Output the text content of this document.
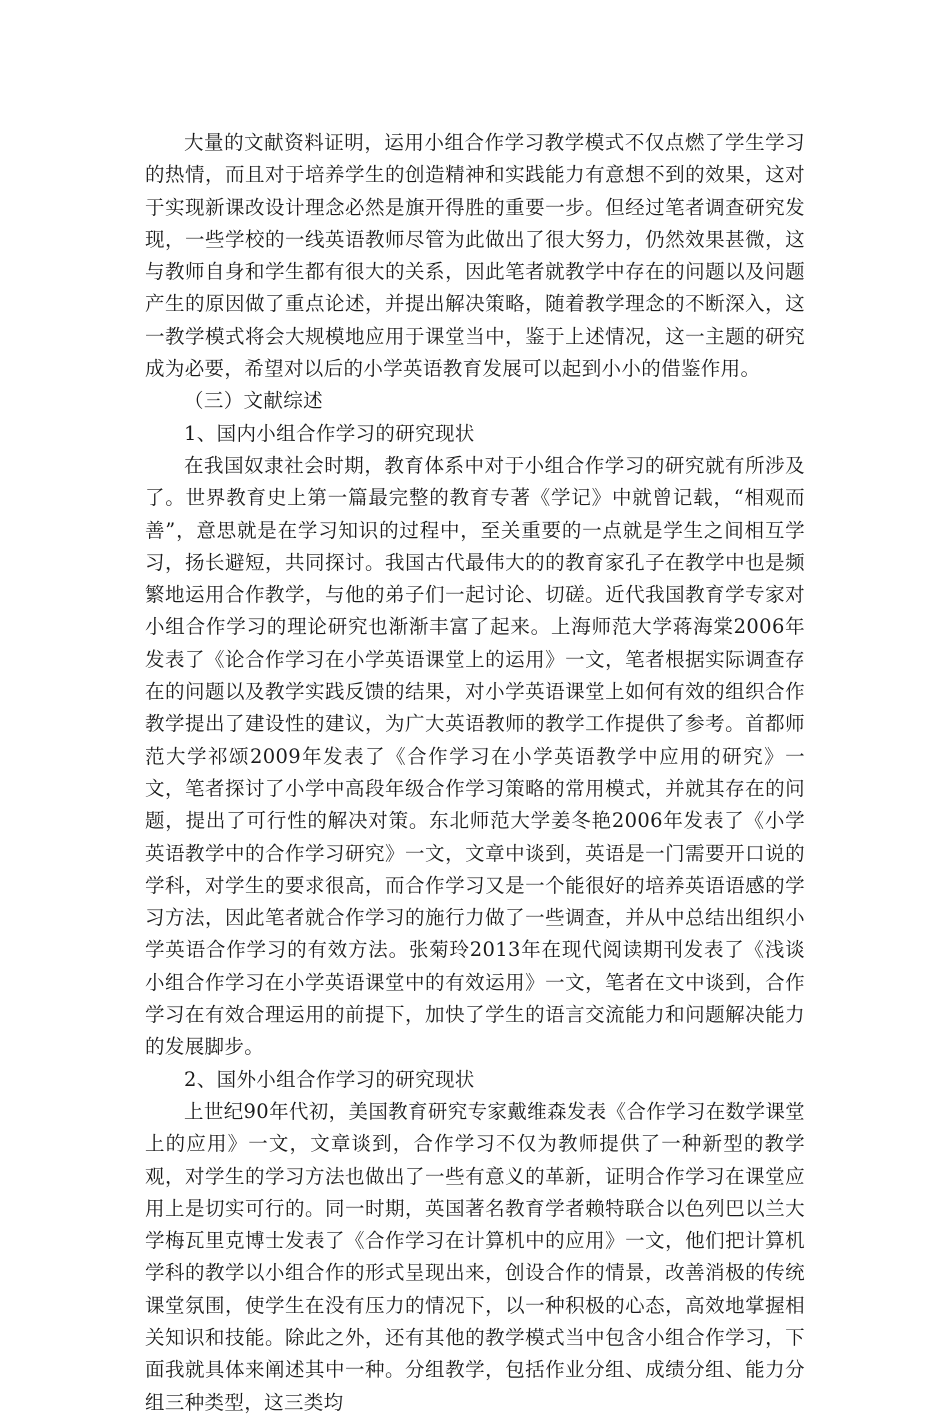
大量的文献资料证明，运用小组合作学习教学模式不仅点燃了学生学习的热情，而且对于培养学生的创造精神和实践能力有意想不到的效果，这对于实现新课改设计理念必然是旗开得胜的重要一步。但经过笔者调查研究发现，一些学校的一线英语教师尽管为此做出了很大努力，仍然效果甚微，这与教师自身和学生都有很大的关系，因此笔者就教学中存在的问题以及问题产生的原因做了重点论述，并提出解决策略，随着教学理念的不断深入，这一教学模式将会大规模地应用于课堂当中，鉴于上述情况，这一主题的研究成为必要，希望对以后的小学英语教育发展可以起到小小的借鉴作用。

（三）文献综述

1、国内小组合作学习的研究现状

在我国奴隶社会时期，教育体系中对于小组合作学习的研究就有所涉及了。世界教育史上第一篇最完整的教育专著《学记》中就曾记载，“相观而善”，意思就是在学习知识的过程中，至关重要的一点就是学生之间相互学习，扬长避短，共同探讨。我国古代最伟大的的教育家孔子在教学中也是频繁地运用合作教学，与他的弟子们一起讨论、切磋。近代我国教育学专家对小组合作学习的理论研究也渐渐丰富了起来。上海师范大学蒋海棠2006年发表了《论合作学习在小学英语课堂上的运用》一文，笔者根据实际调查存在的问题以及教学实践反馈的结果，对小学英语课堂上如何有效的组织合作教学提出了建设性的建议，为广大英语教师的教学工作提供了参考。首都师范大学祁颂2009年发表了《合作学习在小学英语教学中应用的研究》一文，笔者探讨了小学中高段年级合作学习策略的常用模式，并就其存在的问题，提出了可行性的解决对策。东北师范大学姜冬艳2006年发表了《小学英语教学中的合作学习研究》一文，文章中谈到，英语是一门需要开口说的学科，对学生的要求很高，而合作学习又是一个能很好的培养英语语感的学习方法，因此笔者就合作学习的施行力做了一些调查，并从中总结出组织小学英语合作学习的有效方法。张菊玲2013年在现代阅读期刊发表了《浅谈小组合作学习在小学英语课堂中的有效运用》一文，笔者在文中谈到，合作学习在有效合理运用的前提下，加快了学生的语言交流能力和问题解决能力的发展脚步。

2、国外小组合作学习的研究现状

上世纪90年代初，美国教育研究专家戴维森发表《合作学习在数学课堂上的应用》一文，文章谈到，合作学习不仅为教师提供了一种新型的教学观，对学生的学习方法也做出了一些有意义的革新，证明合作学习在课堂应用上是切实可行的。同一时期，英国著名教育学者赖特联合以色列巴以兰大学梅瓦里克博士发表了《合作学习在计算机中的应用》一文，他们把计算机学科的教学以小组合作的形式呈现出来，创设合作的情景，改善消极的传统课堂氛围，使学生在没有压力的情况下，以一种积极的心态，高效地掌握相关知识和技能。除此之外，还有其他的教学模式当中包含小组合作学习，下面我就具体来阐述其中一种。分组教学，包括作业分组、成绩分组、能力分组三种类型，这三类均
